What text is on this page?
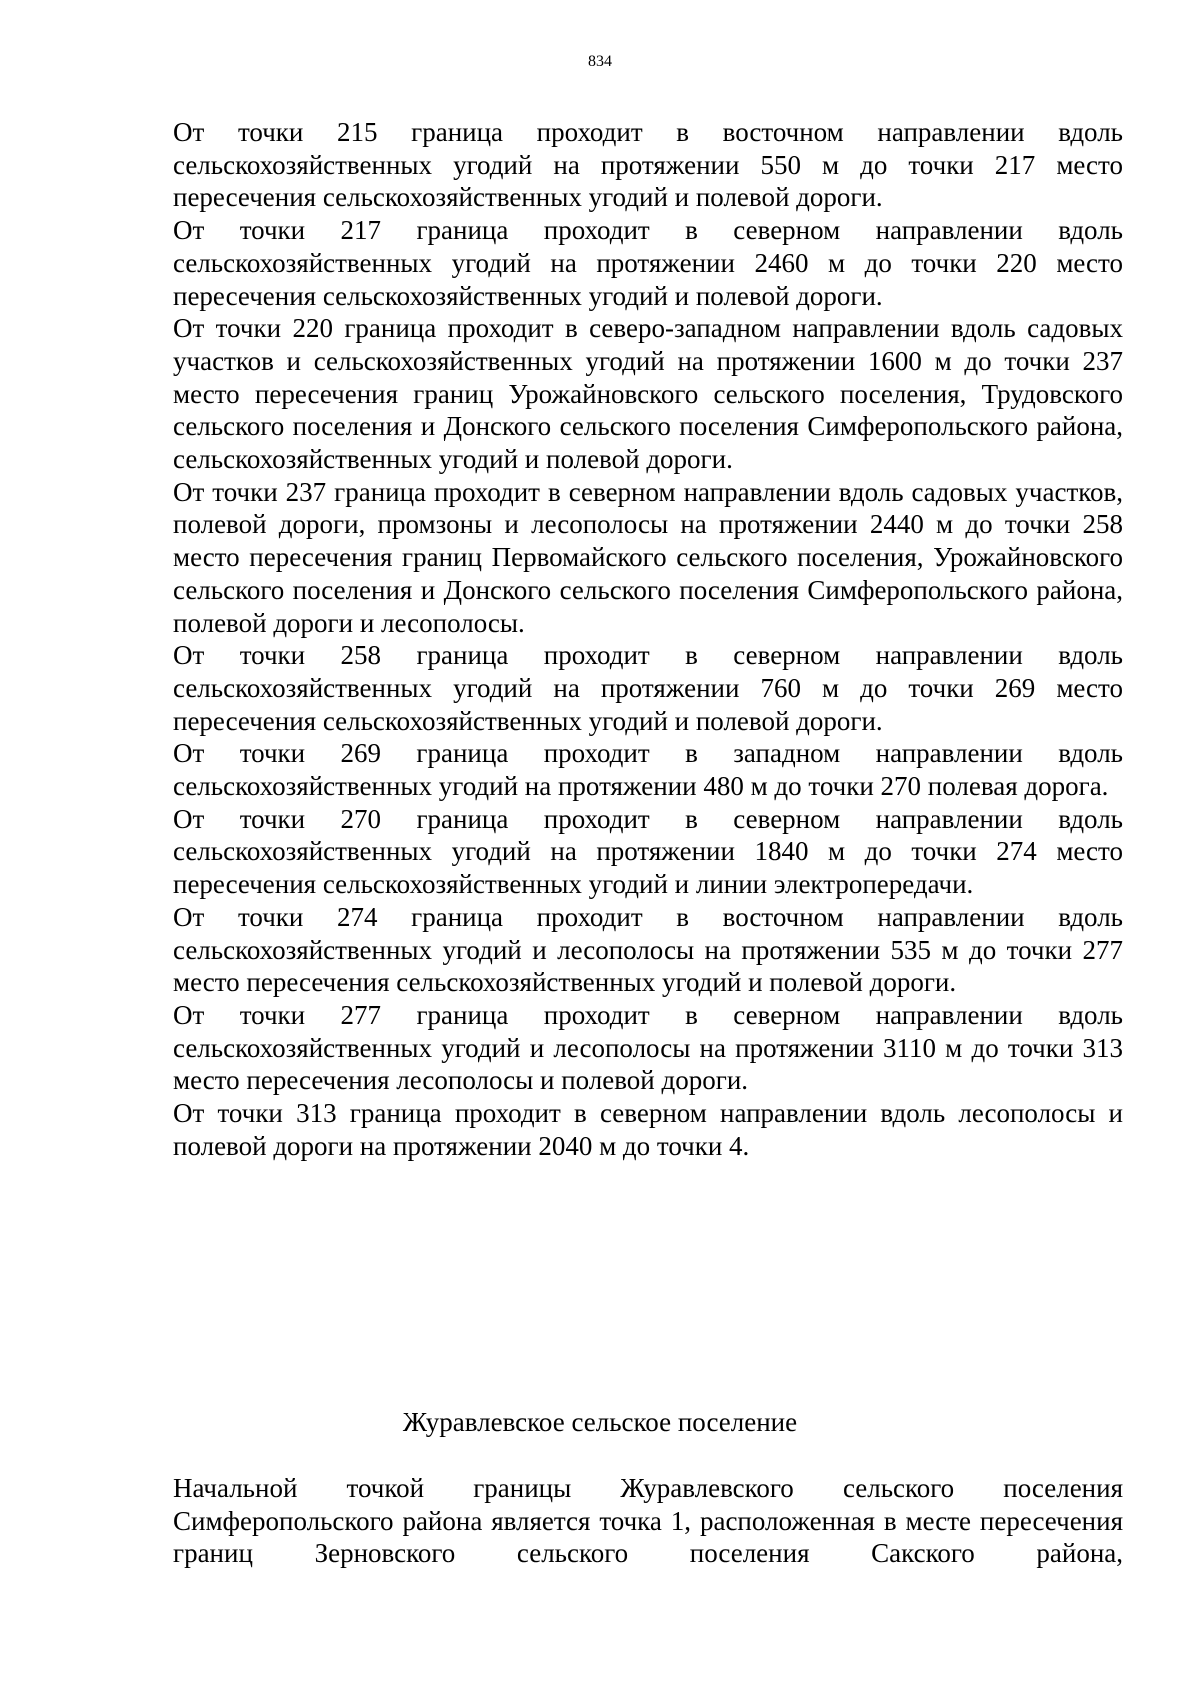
834

От точки 215 граница проходит в восточном направлении вдоль сельскохозяйственных угодий на протяжении 550 м до точки 217 место пересечения сельскохозяйственных угодий и полевой дороги.

От точки 217 граница проходит в северном направлении вдоль сельскохозяйственных угодий на протяжении 2460 м до точки 220 место пересечения сельскохозяйственных угодий и полевой дороги.

От точки 220 граница проходит в северо-западном направлении вдоль садовых участков и сельскохозяйственных угодий на протяжении 1600 м до точки 237 место пересечения границ Урожайновского сельского поселения, Трудовского сельского поселения и Донского сельского поселения Симферопольского района, сельскохозяйственных угодий и полевой дороги.

От точки 237 граница проходит в северном направлении вдоль садовых участков, полевой дороги, промзоны и лесополосы на протяжении 2440 м до точки 258 место пересечения границ Первомайского сельского поселения, Урожайновского сельского поселения и Донского сельского поселения Симферопольского района, полевой дороги и лесополосы.

От точки 258 граница проходит в северном направлении вдоль сельскохозяйственных угодий на протяжении 760 м до точки 269 место пересечения сельскохозяйственных угодий и полевой дороги.

От точки 269 граница проходит в западном направлении вдоль сельскохозяйственных угодий на протяжении 480 м до точки 270 полевая дорога.

От точки 270 граница проходит в северном направлении вдоль сельскохозяйственных угодий на протяжении 1840 м до точки 274 место пересечения сельскохозяйственных угодий и линии электропередачи.

От точки 274 граница проходит в восточном направлении вдоль сельскохозяйственных угодий и лесополосы на протяжении 535 м до точки 277 место пересечения сельскохозяйственных угодий и полевой дороги.

От точки 277 граница проходит в северном направлении вдоль сельскохозяйственных угодий и лесополосы на протяжении 3110 м до точки 313 место пересечения лесополосы и полевой дороги.

От точки 313 граница проходит в северном направлении вдоль лесополосы и полевой дороги на протяжении 2040 м до точки 4.

Журавлевское сельское поселение

Начальной точкой границы Журавлевского сельского поселения Симферопольского района является точка 1, расположенная в месте пересечения границ Зерновского сельского поселения Сакского района,
